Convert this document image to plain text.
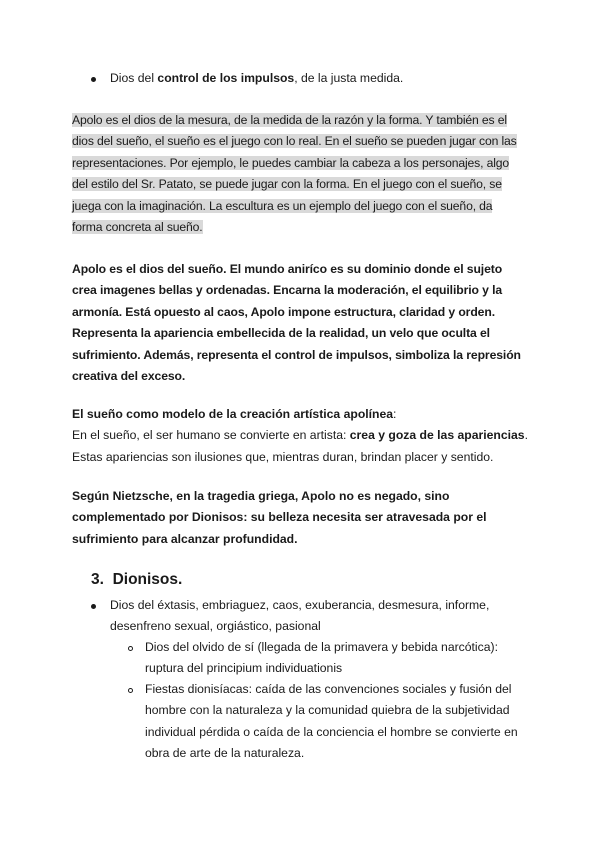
Dios del control de los impulsos, de la justa medida.

Apolo es el dios de la mesura, de la medida de la razón y la forma. Y también es el

dios del sueño, el sueño es el juego con lo real. En el sueño se pueden jugar con las

representaciones. Por ejemplo, le puedes cambiar la cabeza a los personajes, algo

del estilo del Sr. Patato, se puede jugar con la forma. En el juego con el sueño, se

juega con la imaginación. La escultura es un ejemplo del juego con el sueño, da

forma concreta al sueño.

Apolo es el dios del sueño. El mundo aniríco es su dominio donde el sujeto

crea imagenes bellas y ordenadas. Encarna la moderación, el equilibrio y la

armonía. Está opuesto al caos, Apolo impone estructura, claridad y orden.

Representa la apariencia embellecida de la realidad, un velo que oculta el

sufrimiento. Además, representa el control de impulsos, simboliza la represión

creativa del exceso.

El sueño como modelo de la creación artística apolínea:

En el sueño, el ser humano se convierte en artista: crea y goza de las apariencias.

Estas apariencias son ilusiones que, mientras duran, brindan placer y sentido.

Según Nietzsche, en la tragedia griega, Apolo no es negado, sino

complementado por Dionisos: su belleza necesita ser atravesada por el

sufrimiento para alcanzar profundidad.

3. Dionisos.

Dios del éxtasis, embriaguez, caos, exuberancia, desmesura, informe,

desenfreno sexual, orgiástico, pasional

Dios del olvido de sí (llegada de la primavera y bebida narcótica):

ruptura del principium individuationis

Fiestas dionisíacas: caída de las convenciones sociales y fusión del

hombre con la naturaleza y la comunidad quiebra de la subjetividad

individual pérdida o caída de la conciencia el hombre se convierte en

obra de arte de la naturaleza.
